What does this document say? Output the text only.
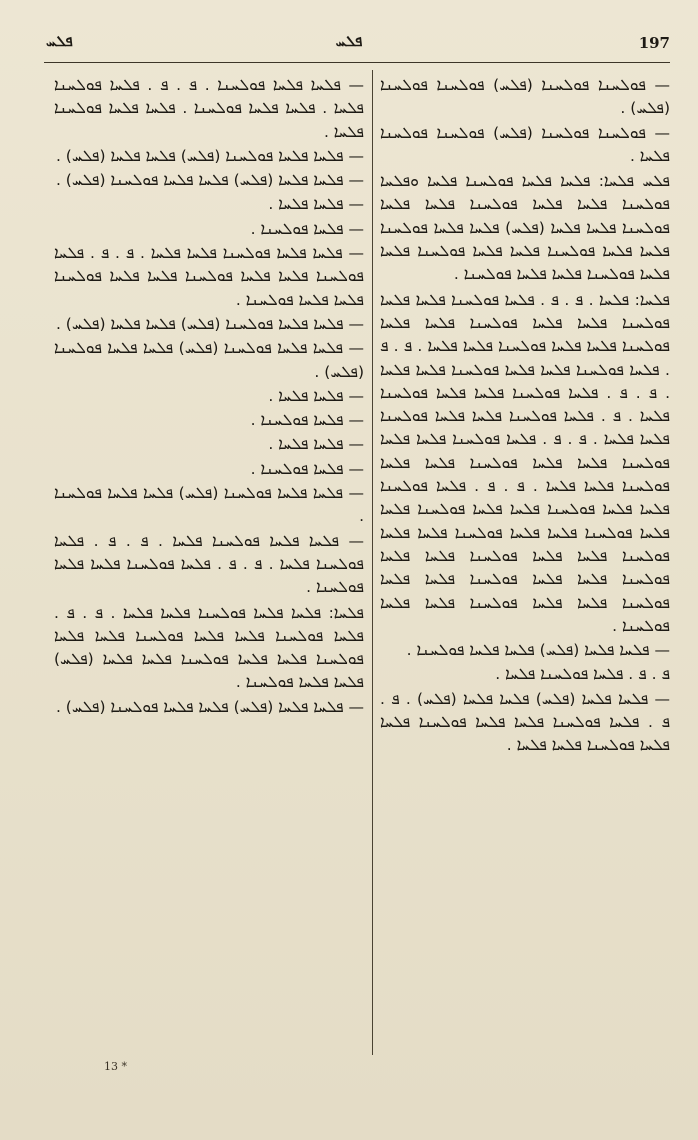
ܦܠܚ	ܦܠܚ	197

— ܦܘܠܚܢܐ ܦܘܠܚܢܐ (ܦܠܚ) ܦܘܠܚܢܐ ܦܘܠܚܢܐ (ܦܠܚ) .

— ܦܘܠܚܢܐ ܦܘܠܚܢܐ (ܦܠܚ) ܦܘܠܚܢܐ ܦܘܠܚܢܐ ܦܠܚܐ .

ܦܠܚ ܦܠܚܐ: ܦܠܚܐ ܦܠܚܐ ܦܘܠܚܢܐ ܦܠܚܐ ܘܦܠܚܐ ܦܘܠܚܢܐ ܦܠܚܐ ܦܠܚܐ ܦܘܠܚܢܐ ܦܠܚܐ ܦܠܚܐ ܦܘܠܚܢܐ ܦܠܚܐ ܦܠܚܐ (ܦܠܚ) ܦܠܚܐ ܦܠܚܐ ܦܘܠܚܢܐ ܦܠܚܐ ܦܠܚܐ ܦܘܠܚܢܐ ܦܠܚܐ ܦܠܚܐ ܦܘܠܚܢܐ ܦܠܚܐ ܦܠܚܐ ܦܘܠܚܢܐ ܦܠܚܐ ܦܠܚܐ ܦܘܠܚܢܐ .

ܦܠܚܐ: ܦܠܚܐ . ܦ . ܦ . ܦܠܚܐ ܦܘܠܚܢܐ ܦܠܚܐ ܦܠܚܐ ܦܘܠܚܢܐ ܦܠܚܐ ܦܠܚܐ ܦܘܠܚܢܐ ܦܠܚܐ ܦܠܚܐ ܦܘܠܚܢܐ ܦܠܚܐ ܦܠܚܐ ܦܘܠܚܢܐ ܦܠܚܐ ܦܠܚܐ . ܦ . ܦ . ܦܠܚܐ ܦܘܠܚܢܐ ܦܠܚܐ ܦܠܚܐ ܦܘܠܚܢܐ ܦܠܚܐ ܦܠܚܐ . ܦ . ܦ . ܦܠܚܐ ܦܘܠܚܢܐ ܦܠܚܐ ܦܠܚܐ ܦܘܠܚܢܐ ܦܠܚܐ . ܦ . ܦܠܚܐ ܦܘܠܚܢܐ ܦܠܚܐ ܦܠܚܐ ܦܘܠܚܢܐ ܦܠܚܐ ܦܠܚܐ . ܦ . ܦ . ܦܠܚܐ ܦܘܠܚܢܐ ܦܠܚܐ ܦܠܚܐ ܦܘܠܚܢܐ ܦܠܚܐ ܦܠܚܐ ܦܘܠܚܢܐ ܦܠܚܐ ܦܠܚܐ ܦܘܠܚܢܐ ܦܠܚܐ ܦܠܚܐ . ܦ . ܦ . ܦܠܚܐ ܦܘܠܚܢܐ ܦܠܚܐ ܦܠܚܐ ܦܘܠܚܢܐ ܦܠܚܐ ܦܠܚܐ ܦܘܠܚܢܐ ܦܠܚܐ ܦܠܚܐ ܦܘܠܚܢܐ ܦܠܚܐ ܦܠܚܐ ܦܘܠܚܢܐ ܦܠܚܐ ܦܠܚܐ ܦܘܠܚܢܐ ܦܠܚܐ ܦܠܚܐ ܦܘܠܚܢܐ ܦܠܚܐ ܦܠܚܐ ܦܘܠܚܢܐ ܦܠܚܐ ܦܠܚܐ ܦܘܠܚܢܐ ܦܠܚܐ ܦܠܚܐ ܦܘܠܚܢܐ ܦܠܚܐ ܦܠܚܐ ܦܘܠܚܢܐ ܦܠܚܐ ܦܠܚܐ ܦܘܠܚܢܐ .

— ܦܠܚܐ ܦܠܚܐ (ܦܠܚ) ܦܠܚܐ ܦܠܚܐ ܦܘܠܚܢܐ .

ܦ . ܦ . ܦܠܚܐ ܦܘܠܚܢܐ ܦܠܚܐ .

— ܦܠܚܐ ܦܠܚܐ (ܦܠܚ) ܦܠܚܐ ܦܠܚܐ (ܦܠܚ) . ܦ . ܦ . ܦܠܚܐ ܦܘܠܚܢܐ ܦܠܚܐ ܦܠܚܐ ܦܘܠܚܢܐ ܦܠܚܐ ܦܠܚܐ ܦܘܠܚܢܐ ܦܠܚܐ ܦܠܚܐ .

— ܦܠܚܐ ܦܠܚܐ ܦܘܠܚܢܐ . ܦ . ܦ . ܦܠܚܐ ܦܘܠܚܢܐ ܦܠܚܐ . ܦܠܚܐ ܦܠܚܐ ܦܘܠܚܢܐ . ܦܠܚܐ ܦܠܚܐ ܦܘܠܚܢܐ ܦܠܚܐ .

— ܦܠܚܐ ܦܠܚܐ ܦܘܠܚܢܐ (ܦܠܚ) ܦܠܚܐ ܦܠܚܐ (ܦܠܚ) .

— ܦܠܚܐ ܦܠܚܐ (ܦܠܚ) ܦܠܚܐ ܦܠܚܐ ܦܘܠܚܢܐ (ܦܠܚ) .

— ܦܠܚܐ ܦܠܚܐ .

— ܦܠܚܐ ܦܘܠܚܢܐ .

— ܦܠܚܐ ܦܠܚܐ ܦܘܠܚܢܐ ܦܠܚܐ ܦܠܚܐ . ܦ . ܦ . ܦܠܚܐ ܦܘܠܚܢܐ ܦܠܚܐ ܦܠܚܐ ܦܘܠܚܢܐ ܦܠܚܐ ܦܠܚܐ ܦܘܠܚܢܐ ܦܠܚܐ ܦܠܚܐ ܦܘܠܚܢܐ .

— ܦܠܚܐ ܦܠܚܐ ܦܘܠܚܢܐ (ܦܠܚ) ܦܠܚܐ ܦܠܚܐ (ܦܠܚ) .

— ܦܠܚܐ ܦܠܚܐ ܦܘܠܚܢܐ (ܦܠܚ) ܦܠܚܐ ܦܠܚܐ ܦܘܠܚܢܐ (ܦܠܚ) .

— ܦܠܚܐ ܦܠܚܐ .

— ܦܠܚܐ ܦܘܠܚܢܐ .

— ܦܠܚܐ ܦܠܚܐ .

— ܦܠܚܐ ܦܘܠܚܢܐ .

— ܦܠܚܐ ܦܠܚܐ ܦܘܠܚܢܐ (ܦܠܚ) ܦܠܚܐ ܦܠܚܐ ܦܘܠܚܢܐ .

— ܦܠܚܐ ܦܠܚܐ ܦܘܠܚܢܐ ܦܠܚܐ . ܦ . ܦ . ܦܠܚܐ ܦܘܠܚܢܐ ܦܠܚܐ . ܦ . ܦ . ܦܠܚܐ ܦܘܠܚܢܐ ܦܠܚܐ ܦܠܚܐ ܦܘܠܚܢܐ .

ܦܠܚܐ: ܦܠܚܐ ܦܠܚܐ ܦܘܠܚܢܐ ܦܠܚܐ ܦܠܚܐ . ܦ . ܦ . ܦܠܚܐ ܦܘܠܚܢܐ ܦܠܚܐ ܦܠܚܐ ܦܘܠܚܢܐ ܦܠܚܐ ܦܠܚܐ ܦܘܠܚܢܐ ܦܠܚܐ ܦܠܚܐ ܦܘܠܚܢܐ ܦܠܚܐ ܦܠܚܐ (ܦܠܚ) ܦܠܚܐ ܦܠܚܐ ܦܘܠܚܢܐ .

— ܦܠܚܐ ܦܠܚܐ (ܦܠܚ) ܦܠܚܐ ܦܠܚܐ ܦܘܠܚܢܐ (ܦܠܚ) .

13 *
